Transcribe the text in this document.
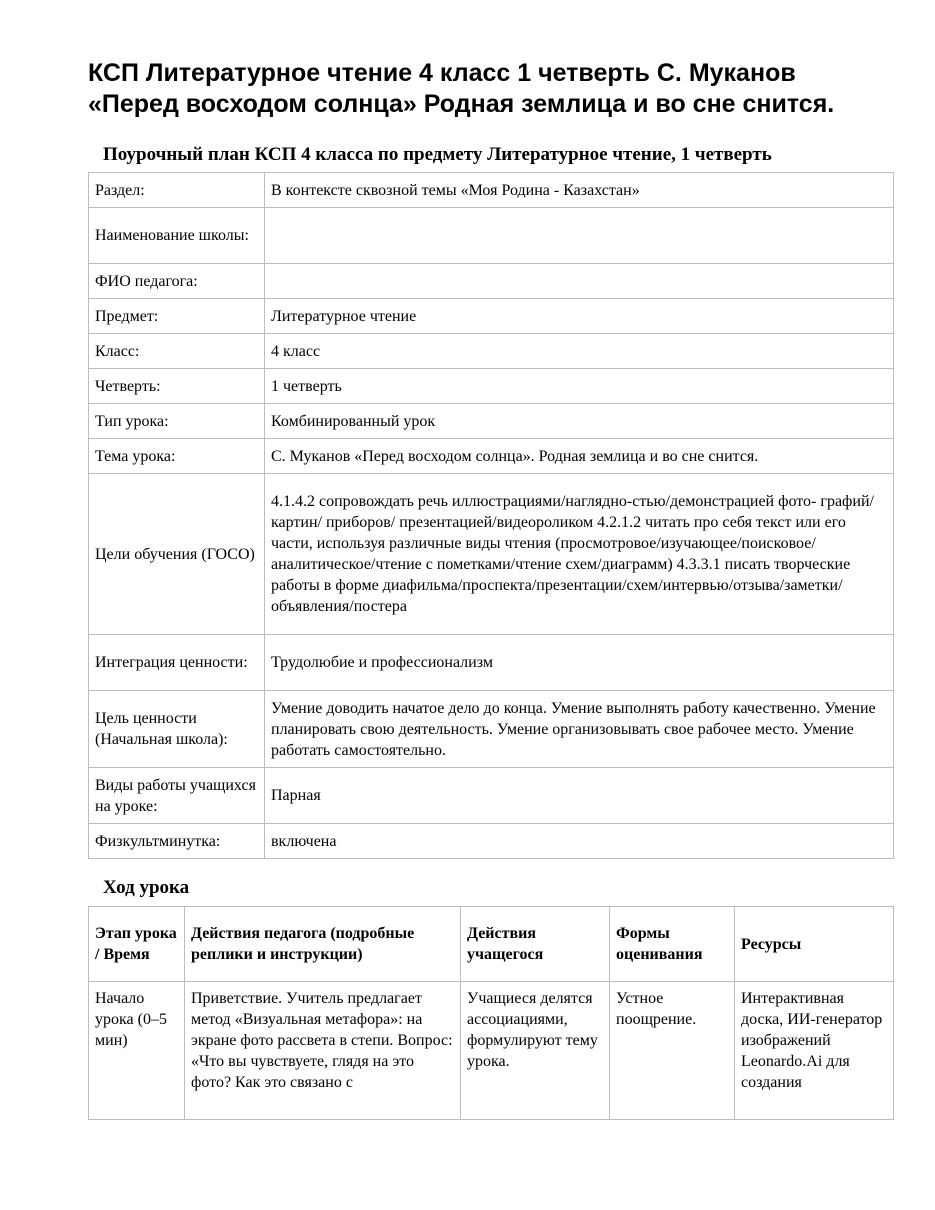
КСП Литературное чтение 4 класс 1 четверть С. Муканов «Перед восходом солнца» Родная землица и во сне снится.
Поурочный план КСП 4 класса по предмету Литературное чтение, 1 четверть
Раздел:	В контексте сквозной темы «Моя Родина - Казахстан»
Наименование школы:	
ФИО педагога:	
Предмет:	Литературное чтение
Класс:	4 класс
Четверть:	1 четверть
Тип урока:	Комбинированный урок
Тема урока:	С. Муканов «Перед восходом солнца». Родная землица и во сне снится.
Цели обучения (ГОСО)	4.1.4.2 сопровождать речь иллюстрациями/наглядно-стью/демонстрацией фото- графий/картин/ приборов/ презентацией/видеороликом 4.2.1.2 читать про себя текст или его части, используя различные виды чтения (просмотровое/изучающее/поисковое/аналитическое/чтение с пометками/чтение схем/диаграмм) 4.3.3.1 писать творческие работы в форме диафильма/проспекта/презентации/схем/интервью/отзыва/заметки/объявления/постера
Интеграция ценности:	Трудолюбие и профессионализм
Цель ценности (Начальная школа):	Умение доводить начатое дело до конца. Умение выполнять работу качественно. Умение планировать свою деятельность. Умение организовывать свое рабочее место. Умение работать самостоятельно.
Виды работы учащихся на уроке:	Парная
Физкультминутка:	включена
Ход урока
Этап урока / Время	Действия педагога (подробные реплики и инструкции)	Действия учащегося	Формы оценивания	Ресурсы
Начало урока (0–5 мин)	Приветствие. Учитель предлагает метод «Визуальная метафора»: на экране фото рассвета в степи. Вопрос: «Что вы чувствуете, глядя на это фото? Как это связано с	Учащиеся делятся ассоциациями, формулируют тему урока.	Устное поощрение.	Интерактивная доска, ИИ-генератор изображений Leonardo.Ai для создания
